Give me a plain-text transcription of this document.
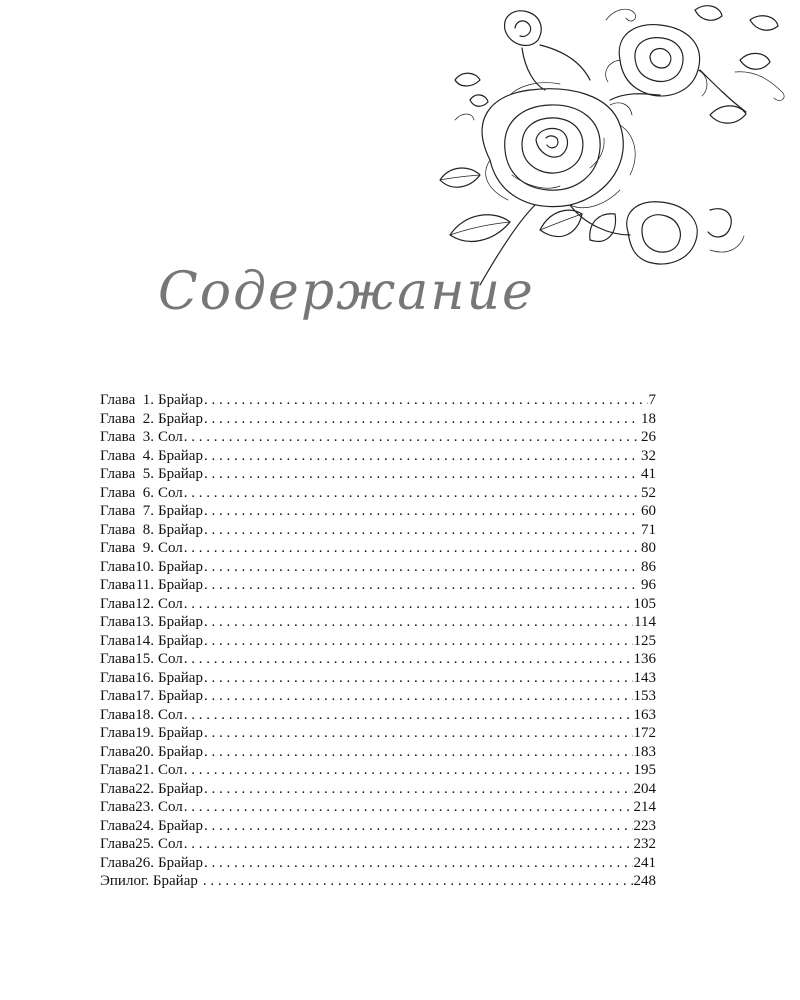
Содержание
Глава 1. Брайар . . .	7
Глава 2. Брайар . . .	18
Глава 3. Сол . . .	26
Глава 4. Брайар . . .	32
Глава 5. Брайар . . .	41
Глава 6. Сол . . .	52
Глава 7. Брайар . . .	60
Глава 8. Брайар . . .	71
Глава 9. Сол . . .	80
Глава 10. Брайар . . .	86
Глава 11. Брайар . . .	96
Глава 12. Сол . . .	105
Глава 13. Брайар . . .	114
Глава 14. Брайар . . .	125
Глава 15. Сол . . .	136
Глава 16. Брайар . . .	143
Глава 17. Брайар . . .	153
Глава 18. Сол . . .	163
Глава 19. Брайар . . .	172
Глава 20. Брайар . . .	183
Глава 21. Сол . . .	195
Глава 22. Брайар . . .	204
Глава 23. Сол . . .	214
Глава 24. Брайар . . .	223
Глава 25. Сол . . .	232
Глава 26. Брайар . . .	241
Эпилог. Брайар . . .	248
